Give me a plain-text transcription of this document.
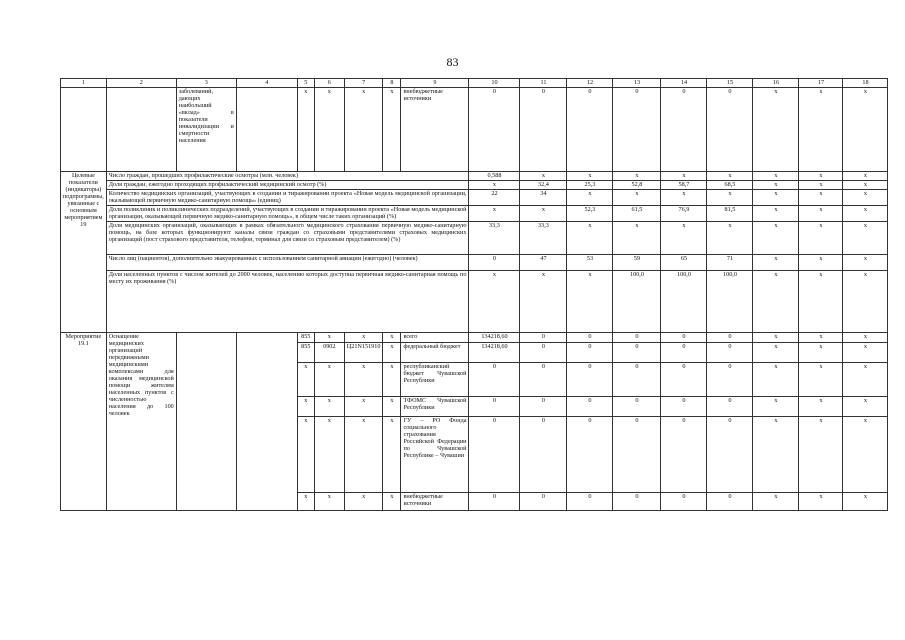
83
1	2	3	4	5	6	7	8	9	10	11	12	13	14	15	16	17	18
		заболеваний, дающих наибольший «вклад» в показатели инвалидизации и смертности населения		x	x	x	x	внебюджетные источники	0	0	0	0	0	0	x	x	x
Целевые показатели (индикаторы) подпрограммы, увязанные с основным мероприятием 19	Число граждан, прошедших профилактические осмотры (млн. человек)								0,588	x	x	x	x	x	x	x	x
	Доля граждан, ежегодно проходящих профилактический медицинский осмотр (%)								x	32,4	25,3	52,8	58,7	68,5	x	x	x
	Количество медицинских организаций, участвующих в создании и тиражировании проекта «Новая модель медицинской организации, оказывающей первичную медико-санитарную помощь» (единиц)								22	34	x	x	x	x	x	x	x
	Доля поликлиник и поликлинических подразделений, участвующих в создании и тиражировании проекта «Новая модель медицинской организации, оказывающей первичную медико-санитарную помощь», в общем числе таких организаций (%)								x	x	52,3	61,5	76,9	81,5	x	x	x
	Доля медицинских организаций, оказывающих в рамках обязательного медицинского страхования первичную медико-санитарную помощь, на базе которых функционируют каналы связи граждан со страховыми представителями страховых медицинских организаций (пост страхового представителя, телефон, терминал для связи со страховым представителем) (%)								33,3	33,3	x	x	x	x	x	x	x
	Число лиц (пациентов), дополнительно эвакуированных с использованием санитарной авиации (ежегодно) (человек)								0	47	53	59	65	71	x	x	x
	Доля населенных пунктов с числом жителей до 2000 человек, населению которых доступна первичная медико-санитарная помощь по месту их проживания (%)								x	x	x	100,0	100,0	100,0	x	x	x
Мероприятие 19.1	Оснащение медицинских организаций передвижными медицинскими комплексами для оказания медицинской помощи жителям населенных пунктов с численностью населения до 100 человек			855	x	x	x	всего	134218,60	0	0	0	0	0	x	x	x
				855	0902	Ц21N151910	x	федеральный бюджет	134218,60	0	0	0	0	0	x	x	x
				x	x	x	x	республиканский бюджет Чувашской Республики	0	0	0	0	0	0	x	x	x
				x	x	x	x	ТФОМС Чувашской Республики	0	0	0	0	0	0	x	x	x
				x	x	x	x	ГУ – РО Фонда социального страхования Российской Федерации по Чувашской Республике – Чувашии	0	0	0	0	0	0	x	x	x
				x	x	x	x	внебюджетные источники	0	0	0	0	0	0	x	x	x
